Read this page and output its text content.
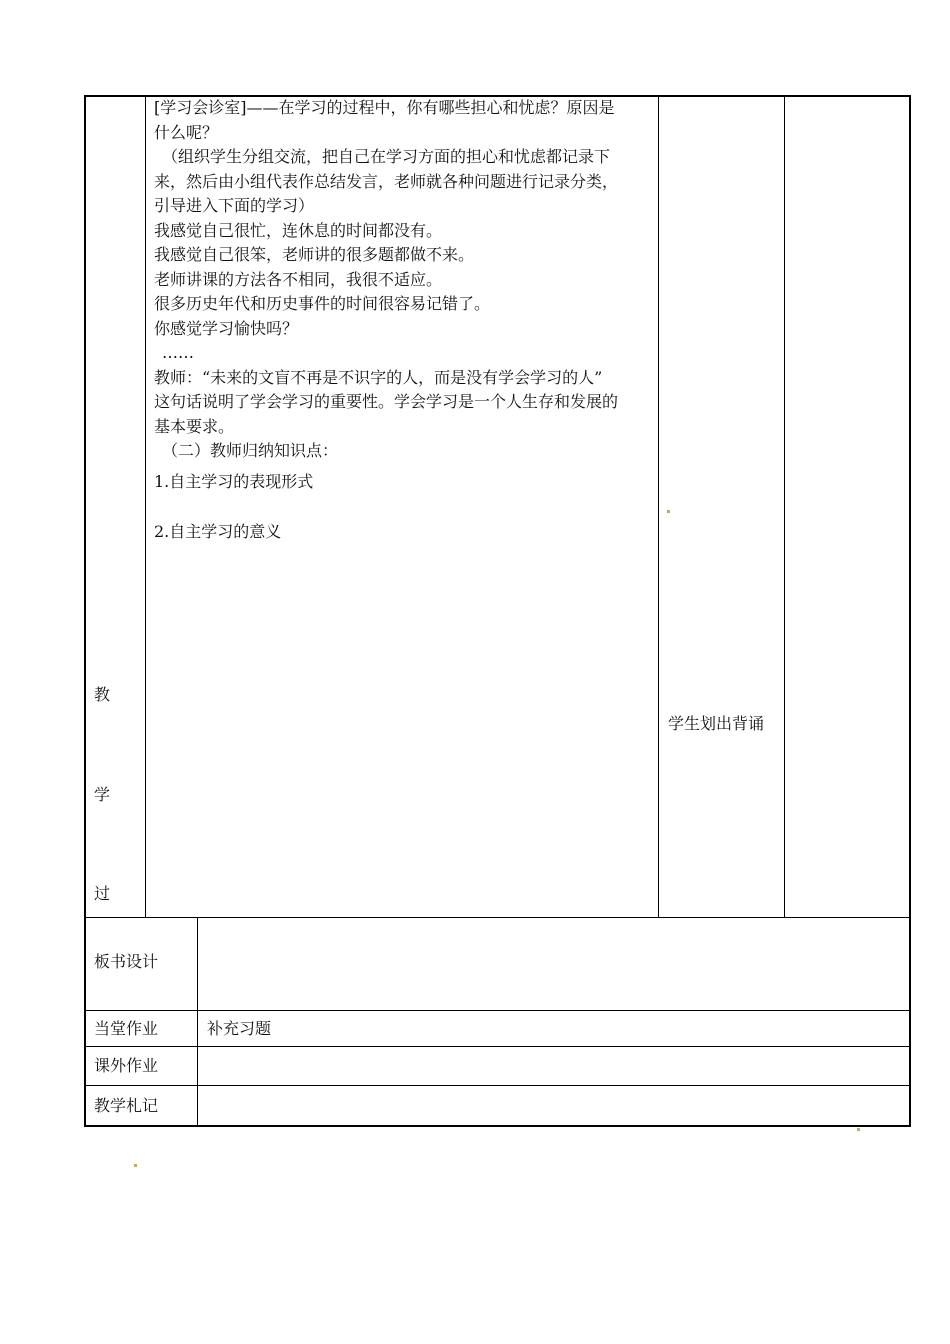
教
学
过
[学习会诊室]——在学习的过程中，你有哪些担心和忧虑？原因是
什么呢？
（组织学生分组交流，把自己在学习方面的担心和忧虑都记录下
来，然后由小组代表作总结发言，老师就各种问题进行记录分类，
引导进入下面的学习）
我感觉自己很忙，连休息的时间都没有。
我感觉自己很笨，老师讲的很多题都做不来。
老师讲课的方法各不相同，我很不适应。
很多历史年代和历史事件的时间很容易记错了。
你感觉学习愉快吗？
……
教师：“未来的文盲不再是不识字的人，而是没有学会学习的人”
这句话说明了学会学习的重要性。学会学习是一个人生存和发展的
基本要求。
（二）教师归纳知识点：
1.自主学习的表现形式
2.自主学习的意义
学生划出背诵
板书设计
当堂作业	补充习题
课外作业
教学札记
